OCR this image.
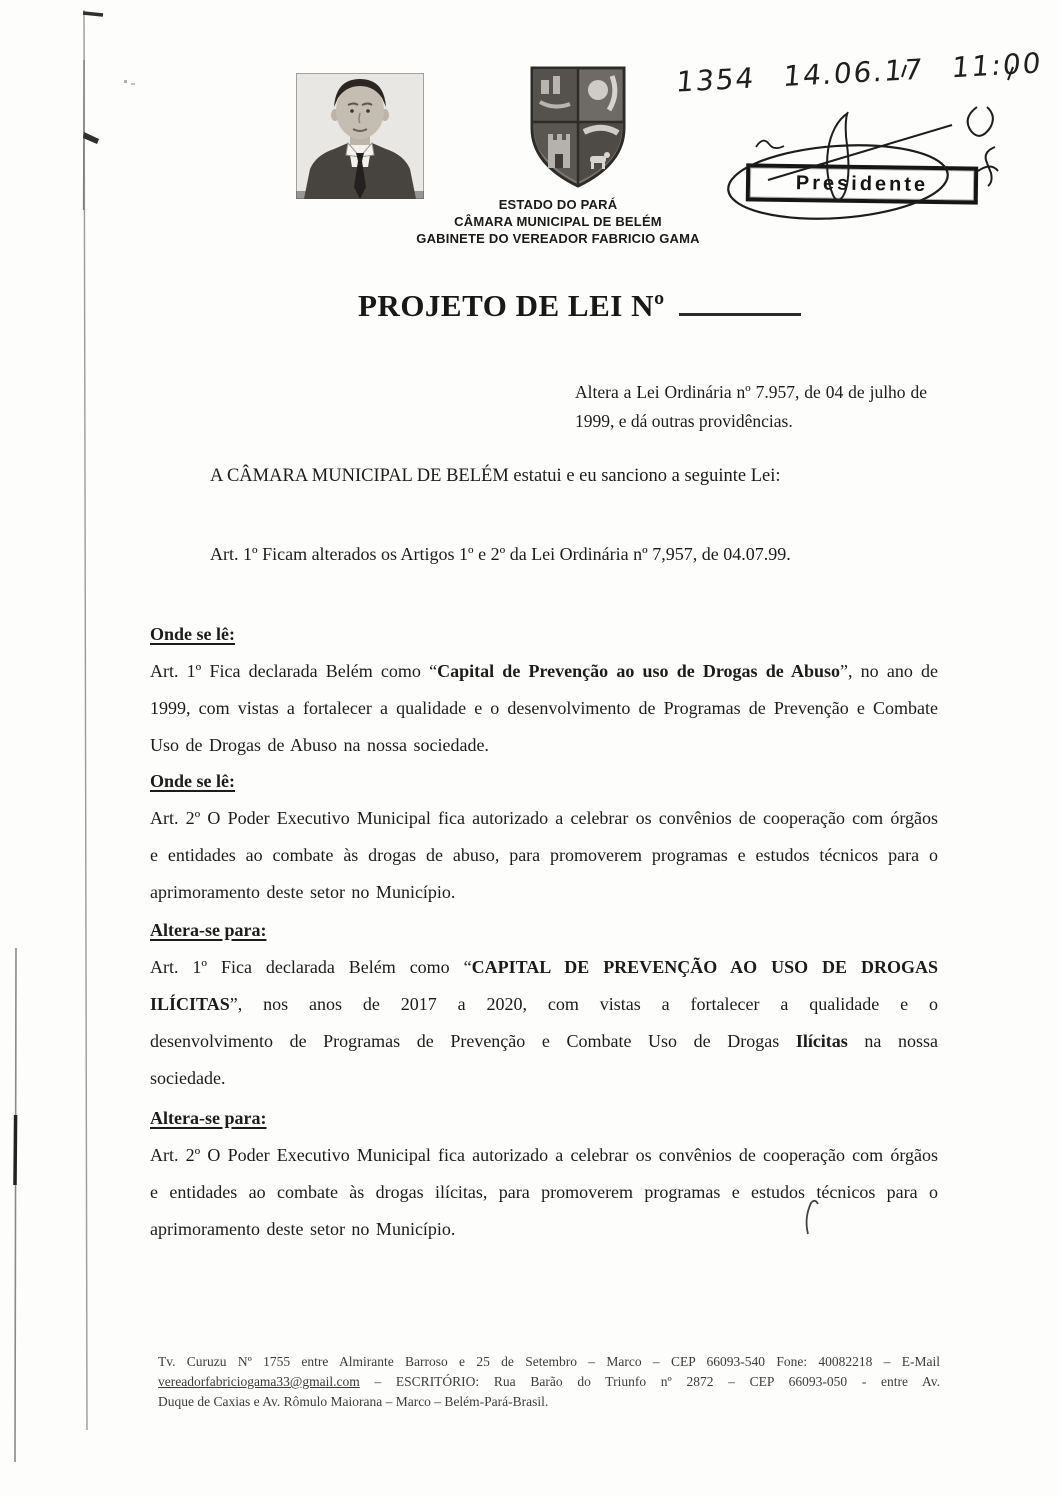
ESTADO DO PARÁ
CÂMARA MUNICIPAL DE BELÉM
GABINETE DO VEREADOR FABRICIO GAMA
1354 14.06.17 11:00
Presidente
PROJETO DE LEI Nº
Altera a Lei Ordinária nº 7.957, de 04 de julho de 1999, e dá outras providências.
A CÂMARA MUNICIPAL DE BELÉM estatui e eu sanciono a seguinte Lei:
Art. 1º Ficam alterados os Artigos 1º e 2º da Lei Ordinária nº 7,957, de 04.07.99.
Onde se lê:

Art. 1º Fica declarada Belém como “Capital de Prevenção ao uso de Drogas de Abuso”, no ano de 1999, com vistas a fortalecer a qualidade e o desenvolvimento de Programas de Prevenção e Combate Uso de Drogas de Abuso na nossa sociedade.

Onde se lê:

Art. 2º O Poder Executivo Municipal fica autorizado a celebrar os convênios de cooperação com órgãos e entidades ao combate às drogas de abuso, para promoverem programas e estudos técnicos para o aprimoramento deste setor no Município.

Altera-se para:

Art. 1º Fica declarada Belém como “CAPITAL DE PREVENÇÃO AO USO DE DROGAS ILÍCITAS”, nos anos de 2017 a 2020, com vistas a fortalecer a qualidade e o desenvolvimento de Programas de Prevenção e Combate Uso de Drogas Ilícitas na nossa sociedade.

Altera-se para:

Art. 2º O Poder Executivo Municipal fica autorizado a celebrar os convênios de cooperação com órgãos e entidades ao combate às drogas ilícitas, para promoverem programas e estudos técnicos para o aprimoramento deste setor no Município.

Tv. Curuzu Nº 1755 entre Almirante Barroso e 25 de Setembro – Marco – CEP 66093-540 Fone: 40082218 – E-Mail
vereadorfabriciogama33@gmail.com – ESCRITÓRIO: Rua Barão do Triunfo nº 2872 – CEP 66093-050 - entre Av.
Duque de Caxias e Av. Rômulo Maiorana – Marco – Belém-Pará-Brasil.
